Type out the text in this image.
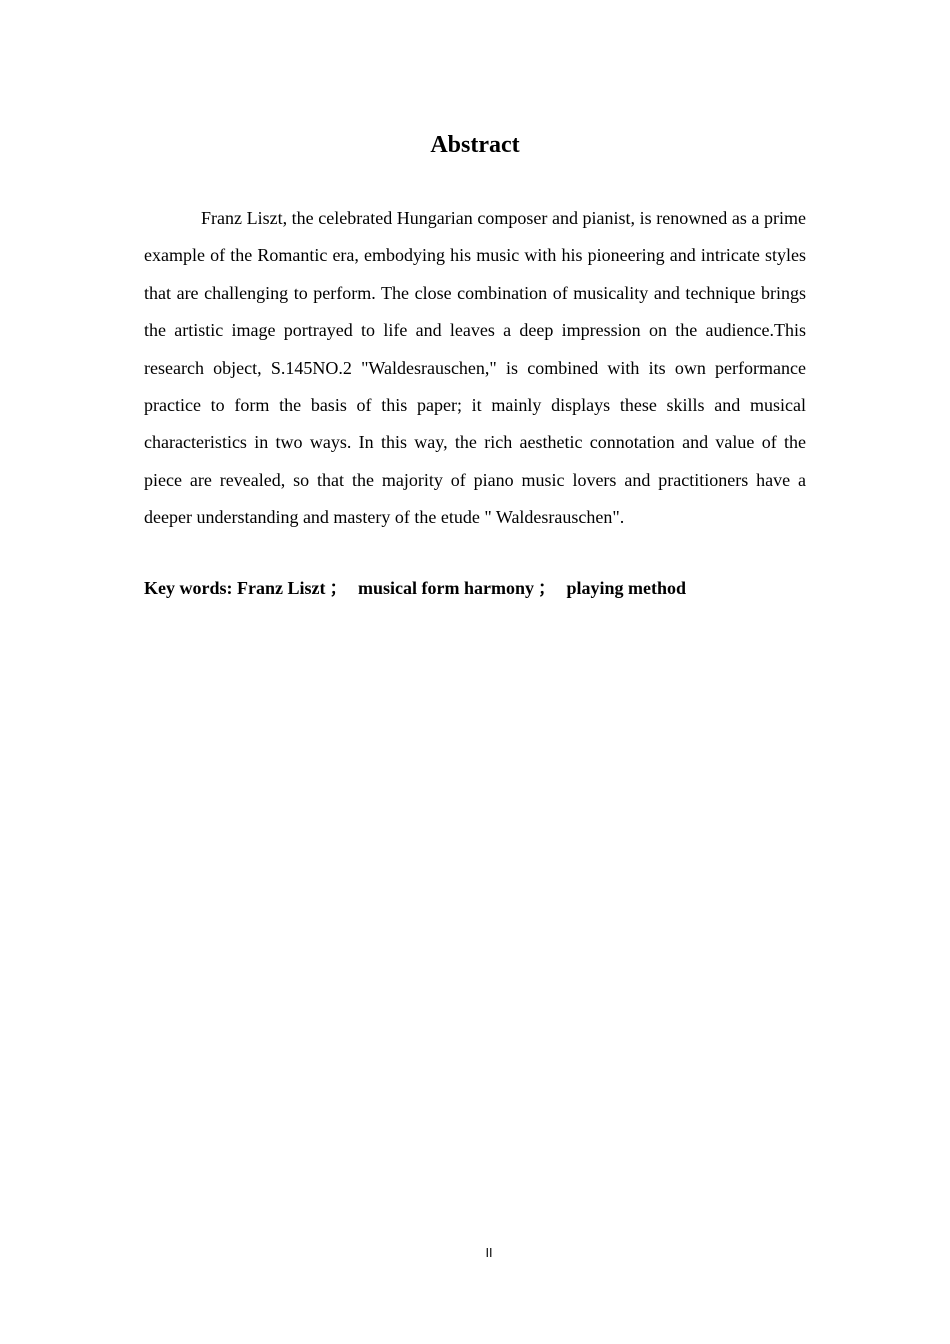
Abstract

Franz Liszt, the celebrated Hungarian composer and pianist, is renowned as a prime example of the Romantic era, embodying his music with his pioneering and intricate styles that are challenging to perform. The close combination of musicality and technique brings the artistic image portrayed to life and leaves a deep impression on the audience.This research object, S.145NO.2 "Waldesrauschen," is combined with its own performance practice to form the basis of this paper; it mainly displays these skills and musical characteristics in two ways. In this way, the rich aesthetic connotation and value of the piece are revealed, so that the majority of piano music lovers and practitioners have a deeper understanding and mastery of the etude " Waldesrauschen".

Key words: Franz Liszt ； musical form harmony ； playing method

II
